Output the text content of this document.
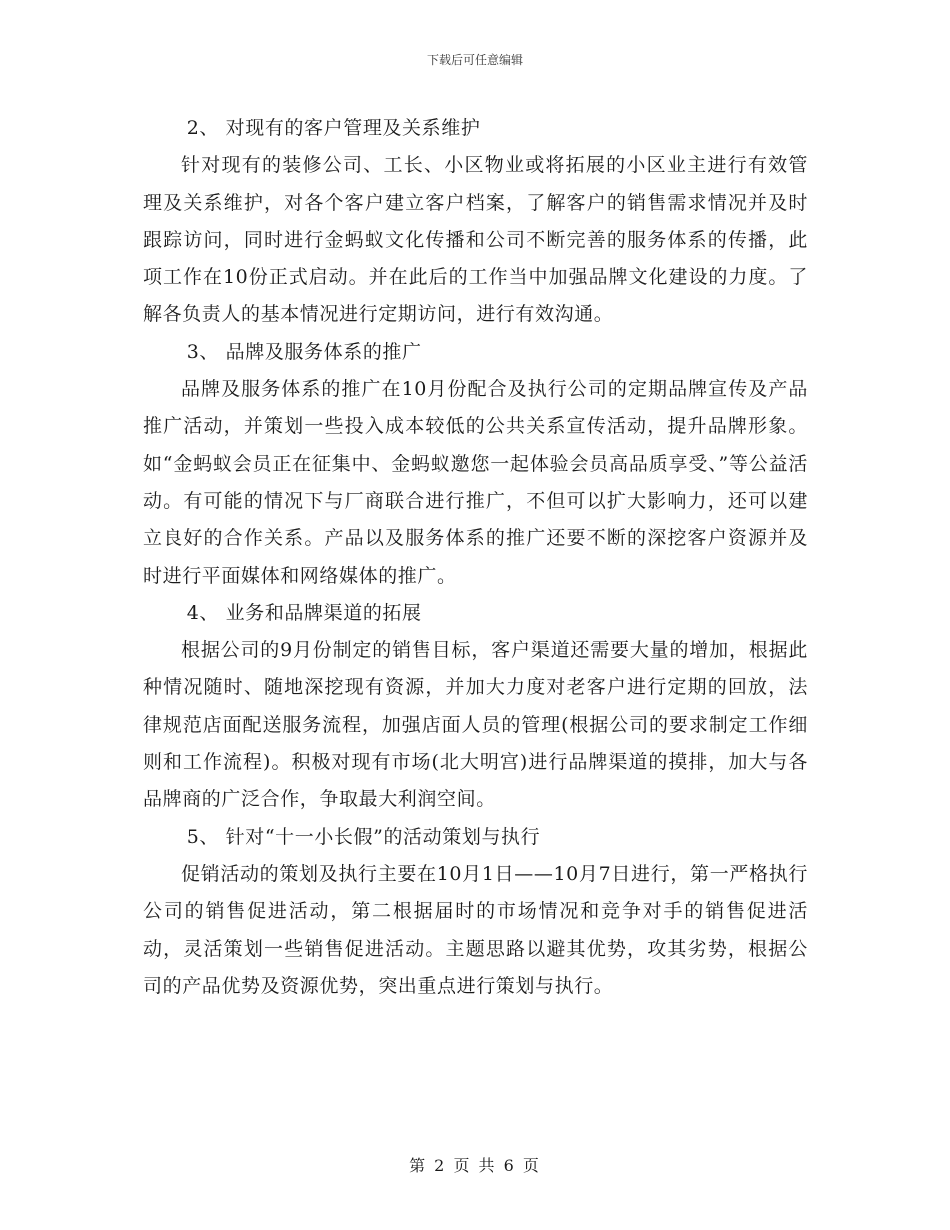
下载后可任意编辑

2、 对现有的客户管理及关系维护

针对现有的装修公司、工长、小区物业或将拓展的小区业主进行有效管理及关系维护，对各个客户建立客户档案，了解客户的销售需求情况并及时跟踪访问，同时进行金蚂蚁文化传播和公司不断完善的服务体系的传播，此项工作在10份正式启动。并在此后的工作当中加强品牌文化建设的力度。了解各负责人的基本情况进行定期访问，进行有效沟通。

3、 品牌及服务体系的推广

品牌及服务体系的推广在10月份配合及执行公司的定期品牌宣传及产品推广活动，并策划一些投入成本较低的公共关系宣传活动，提升品牌形象。如“金蚂蚁会员正在征集中、金蚂蚁邀您一起体验会员高品质享受、”等公益活动。有可能的情况下与厂商联合进行推广，不但可以扩大影响力，还可以建立良好的合作关系。产品以及服务体系的推广还要不断的深挖客户资源并及时进行平面媒体和网络媒体的推广。

4、 业务和品牌渠道的拓展

根据公司的9月份制定的销售目标，客户渠道还需要大量的增加，根据此种情况随时、随地深挖现有资源，并加大力度对老客户进行定期的回放，法律规范店面配送服务流程，加强店面人员的管理(根据公司的要求制定工作细则和工作流程)。积极对现有市场(北大明宫)进行品牌渠道的摸排，加大与各品牌商的广泛合作，争取最大利润空间。

5、 针对“十一小长假”的活动策划与执行

促销活动的策划及执行主要在10月1日——10月7日进行，第一严格执行公司的销售促进活动，第二根据届时的市场情况和竞争对手的销售促进活动，灵活策划一些销售促进活动。主题思路以避其优势，攻其劣势，根据公司的产品优势及资源优势，突出重点进行策划与执行。

第 2 页 共 6 页
